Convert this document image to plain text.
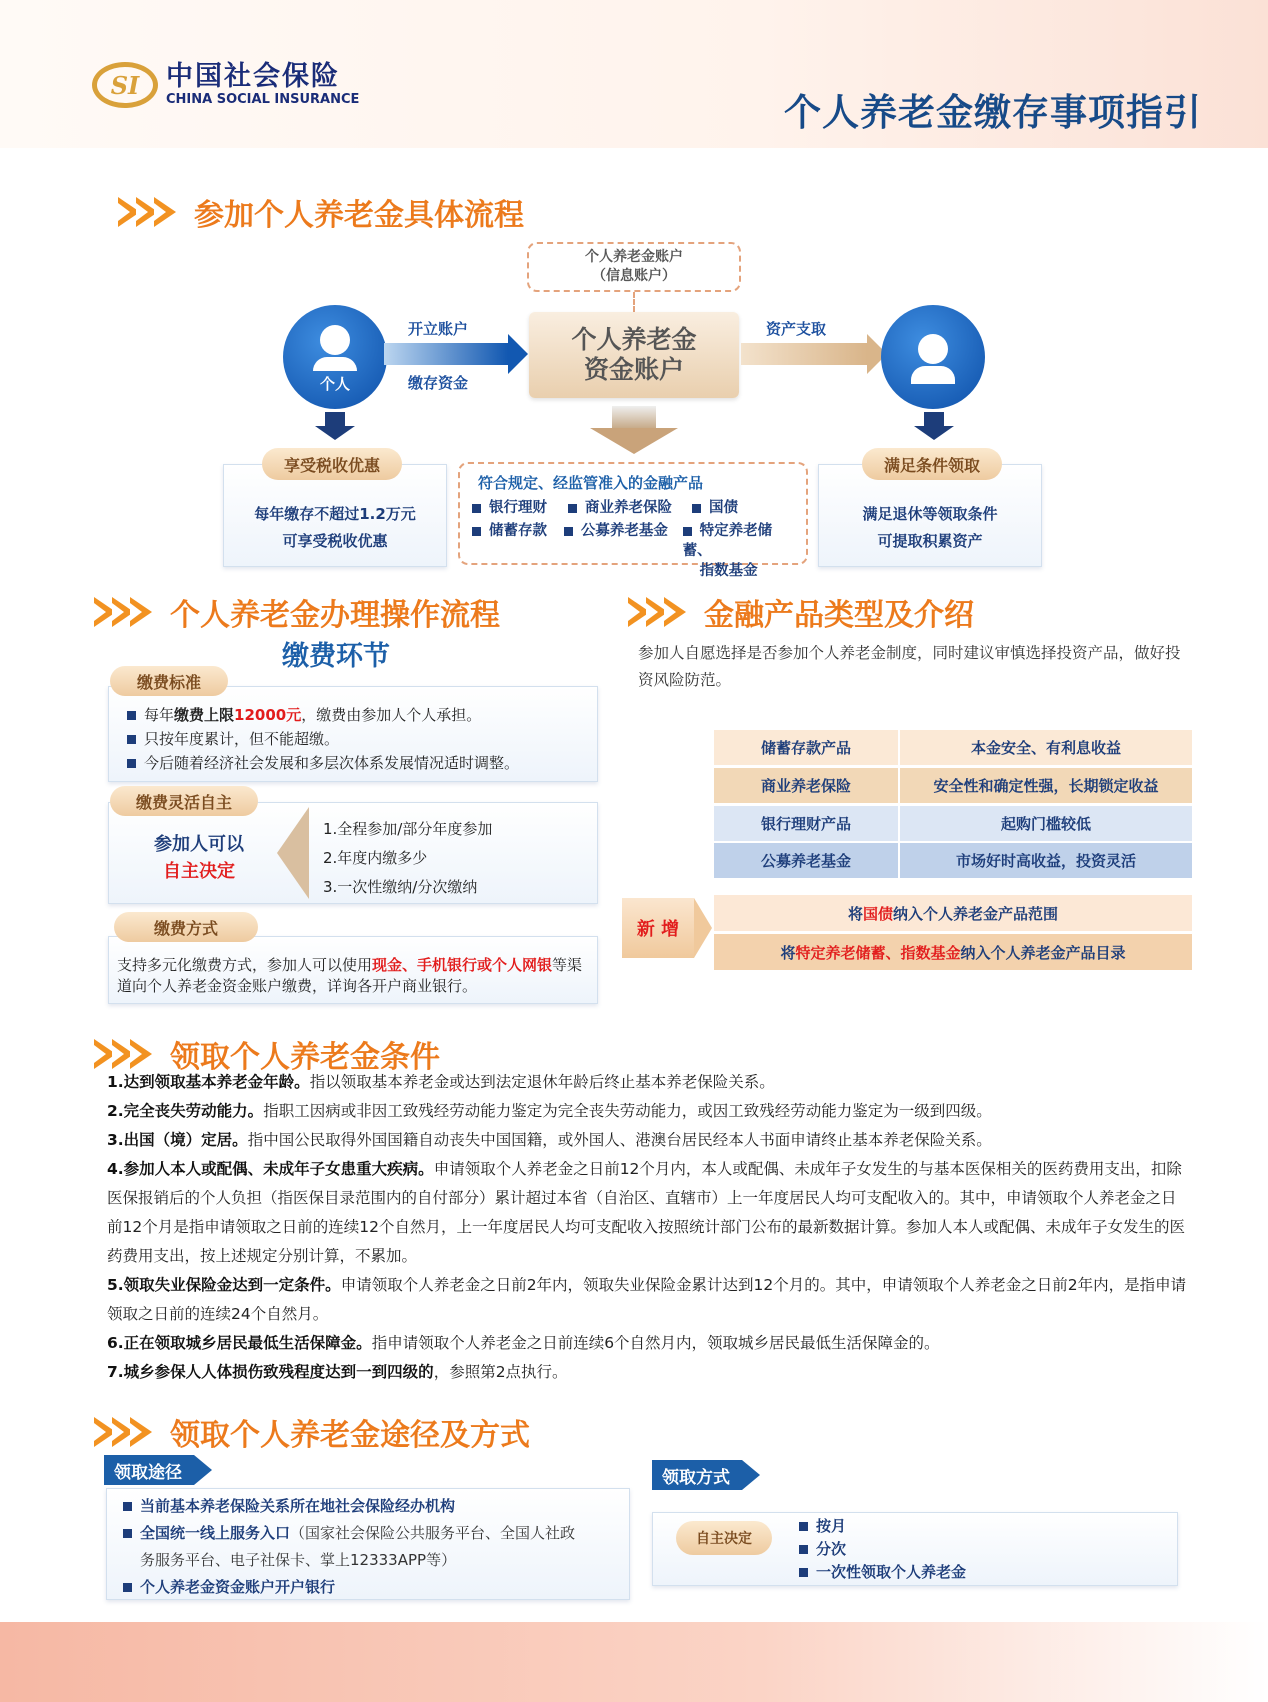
SI 中国社会保险
CHINA SOCIAL INSURANCE	个人养老金缴存事项指引
参加个人养老金具体流程
个人养老金账户
（信息账户）
个人
开立账户
缴存资金
个人养老金
资金账户
资产支取
每年缴存不超过1.2万元
可享受税收优惠
享受税收优惠
符合规定、经监管准入的金融产品
银行理财	商业养老保险	国债
储蓄存款	公募养老基金	特定养老储蓄、
指数基金
满足退休等领取条件
可提取积累资产
满足条件领取
个人养老金办理操作流程
缴费环节
每年缴费上限12000元，缴费由参加人个人承担。
只按年度累计，但不能超缴。
今后随着经济社会发展和多层次体系发展情况适时调整。
缴费标准
参加人可以
自主决定
1.全程参加/部分年度参加
2.年度内缴多少
3.一次性缴纳/分次缴纳
缴费灵活自主
支持多元化缴费方式，参加人可以使用现金、手机银行或个人网银等渠道向个人养老金资金账户缴费，详询各开户商业银行。
缴费方式
金融产品类型及介绍
参加人自愿选择是否参加个人养老金制度，同时建议审慎选择投资产品，做好投资风险防范。
储蓄存款产品	本金安全、有利息收益
商业养老保险	安全性和确定性强，长期锁定收益
银行理财产品	起购门槛较低
公募养老基金	市场好时高收益，投资灵活
新 增
将 国债 纳入个人养老金产品范围
将 特定养老储蓄、指数基金 纳入个人养老金产品目录
领取个人养老金条件
1.达到领取基本养老金年龄。指以领取基本养老金或达到法定退休年龄后终止基本养老保险关系。
2.完全丧失劳动能力。指职工因病或非因工致残经劳动能力鉴定为完全丧失劳动能力，或因工致残经劳动能力鉴定为一级到四级。
3.出国（境）定居。指中国公民取得外国国籍自动丧失中国国籍，或外国人、港澳台居民经本人书面申请终止基本养老保险关系。
4.参加人本人或配偶、未成年子女患重大疾病。申请领取个人养老金之日前12个月内，本人或配偶、未成年子女发生的与基本医保相关的医药费用支出，扣除医保报销后的个人负担（指医保目录范围内的自付部分）累计超过本省（自治区、直辖市）上一年度居民人均可支配收入的。其中，申请领取个人养老金之日前12个月是指申请领取之日前的连续12个自然月，上一年度居民人均可支配收入按照统计部门公布的最新数据计算。参加人本人或配偶、未成年子女发生的医药费用支出，按上述规定分别计算，不累加。
5.领取失业保险金达到一定条件。申请领取个人养老金之日前2年内，领取失业保险金累计达到12个月的。其中，申请领取个人养老金之日前2年内，是指申请领取之日前的连续24个自然月。
6.正在领取城乡居民最低生活保障金。指申请领取个人养老金之日前连续6个自然月内，领取城乡居民最低生活保障金的。
7.城乡参保人人体损伤致残程度达到一到四级的，参照第2点执行。
领取个人养老金途径及方式
当前基本养老保险关系所在地社会保险经办机构
全国统一线上服务入口（国家社会保险公共服务平台、全国人社政
务服务平台、电子社保卡、掌上12333APP等）
个人养老金资金账户开户银行
领取途径
按月
分次
一次性领取个人养老金
领取方式
自主决定
